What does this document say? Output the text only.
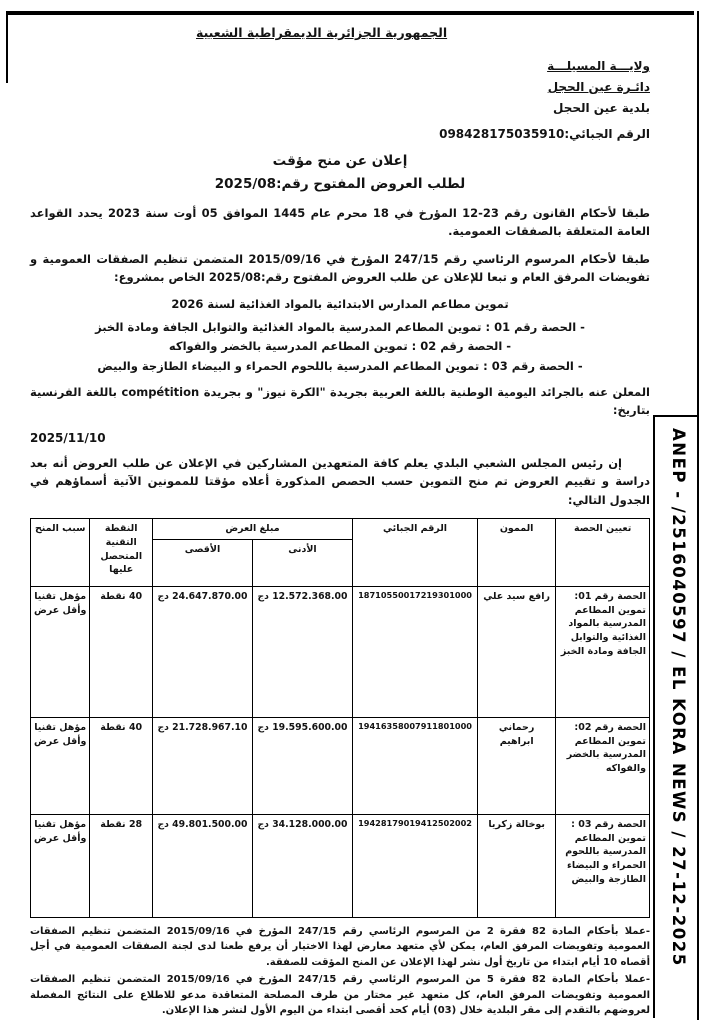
ANEP - /2516040597 / EL KORA NEWS / 27-12-2025
الجمهورية الجزائرية الديمقراطية الشعبية
ولايـــة المسيلـــة
دائـرة عين الحجل
بلدية عين الحجل
الرقم الجبائي:098428175035910
إعلان عن منح مؤقت
لطلب العروض المفتوح رقم:2025/08

طبقا لأحكام القانون رقم 23-12 المؤرخ في 18 محرم عام 1445 الموافق 05 أوت سنة 2023 يحدد القواعد العامة المتعلقة بالصفقات العمومية.

طبقا لأحكام المرسوم الرئاسي رقم 247/15 المؤرخ في 2015/09/16 المتضمن تنظيم الصفقات العمومية و تفويضات المرفق العام و تبعا للإعلان عن طلب العروض المفتوح رقم:2025/08 الخاص بمشروع:

تموين مطاعم المدارس الابتدائية بالمواد الغذائية لسنة 2026
- الحصة رقم 01 : تموين المطاعم المدرسية بالمواد الغذائية والتوابل الجافة ومادة الخبز
- الحصة رقم 02 : تموين المطاعم المدرسية بالخضر والفواكه
- الحصة رقم 03 : تموين المطاعم المدرسية باللحوم الحمراء و البيضاء الطازجة والبيض

المعلن عنه بالجرائد اليومية الوطنية باللغة العربية بجريدة "الكرة نيوز" و بجريدة compétition باللغة الفرنسية بتاريخ:

2025/11/10

إن رئيس المجلس الشعبي البلدي يعلم كافة المتعهدين المشاركين في الإعلان عن طلب العروض أنه بعد دراسة و تقييم العروض تم منح التموين حسب الحصص المذكورة أعلاه مؤقتا للممونين الآتية أسماؤهم في الجدول التالي:

تعيين الحصة	الممون	الرقم الجبائي	مبلغ العرض		النقطة التقنية المتحصل عليها	سبب المنح
			الأدنى	الأقصى		
الحصة رقم 01: تموين المطاعم المدرسية بالمواد الغذائية والتوابل الجافة ومادة الخبز	رافع سيد علي	18710550017219301000	12.572.368.00 دج	24.647.870.00 دج	40 نقطة	مؤهل تقنيا وأقل عرض
الحصة رقم 02: تموين المطاعم المدرسية بالخضر والفواكه	رحماني ابراهيم	19416358007911801000	19.595.600.00 دج	21.728.967.10 دج	40 نقطة	مؤهل تقنيا وأقل عرض
الحصة رقم 03 : تموين المطاعم المدرسية باللحوم الحمراء و البيضاء الطازجة والبيض	بوخالة زكريا	19428179019412502002	34.128.000.00 دج	49.801.500.00 دج	28 نقطة	مؤهل تقنيا وأقل عرض

-عملا بأحكام المادة 82 فقرة 2 من المرسوم الرئاسي رقم 247/15 المؤرخ في 2015/09/16 المتضمن تنظيم الصفقات العمومية وتفويضات المرفق العام، يمكن لأي متعهد معارض لهذا الاختيار أن يرفع طعنا لدى لجنة الصفقات العمومية في أجل أقصاه 10 أيام ابتداء من تاريخ أول نشر لهذا الإعلان عن المنح المؤقت للصفقة.

-عملا بأحكام المادة 82 فقرة 5 من المرسوم الرئاسي رقم 247/15 المؤرخ في 2015/09/16 المتضمن تنظيم الصفقات العمومية وتفويضات المرفق العام، كل متعهد غير مختار من طرف المصلحة المتعاقدة مدعو للاطلاع على النتائج المفصلة لعروضهم بالتقدم إلى مقر البلدية خلال (03) أيام كحد أقصى ابتداء من اليوم الأول لنشر هذا الإعلان.
